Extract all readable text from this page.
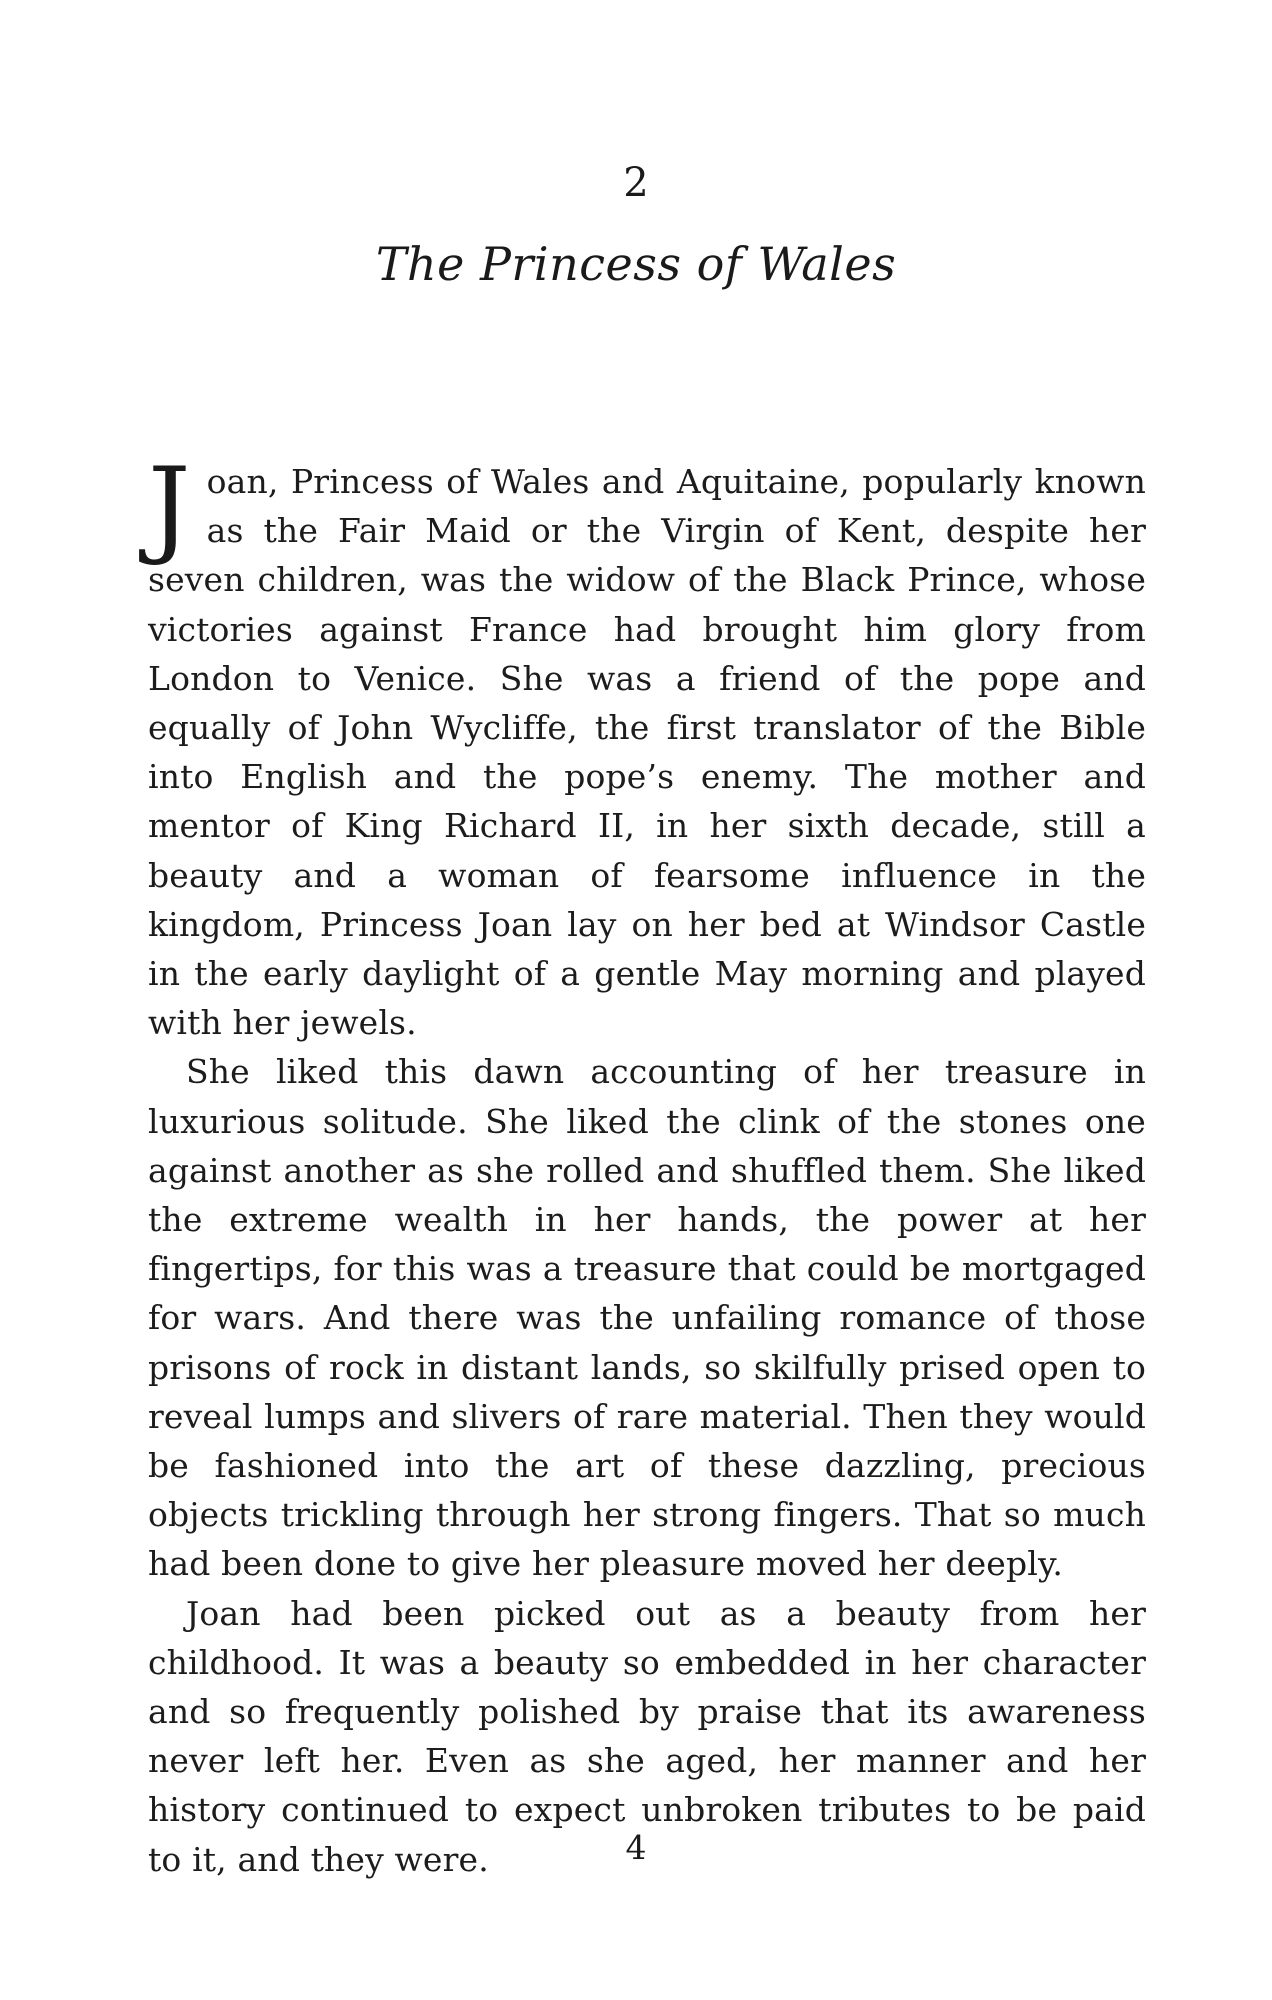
2
The Princess of Wales

Joan, Princess of Wales and Aquitaine, popularly known as the Fair Maid or the Virgin of Kent, despite her seven children, was the widow of the Black Prince, whose victories against France had brought him glory from London to Venice. She was a friend of the pope and equally of John Wycliffe, the first translator of the Bible into English and the pope’s enemy. The mother and mentor of King Richard II, in her sixth decade, still a beauty and a woman of fearsome influence in the kingdom, Princess Joan lay on her bed at Windsor Castle in the early daylight of a gentle May morning and played with her jewels.

She liked this dawn accounting of her treasure in luxurious solitude. She liked the clink of the stones one against another as she rolled and shuffled them. She liked the extreme wealth in her hands, the power at her fingertips, for this was a treasure that could be mortgaged for wars. And there was the unfailing romance of those prisons of rock in distant lands, so skilfully prised open to reveal lumps and slivers of rare material. Then they would be fashioned into the art of these dazzling, precious objects trickling through her strong fingers. That so much had been done to give her pleasure moved her deeply.

Joan had been picked out as a beauty from her childhood. It was a beauty so embedded in her character and so frequently polished by praise that its awareness never left her. Even as she aged, her manner and her history continued to expect unbroken tributes to be paid to it, and they were.	4
